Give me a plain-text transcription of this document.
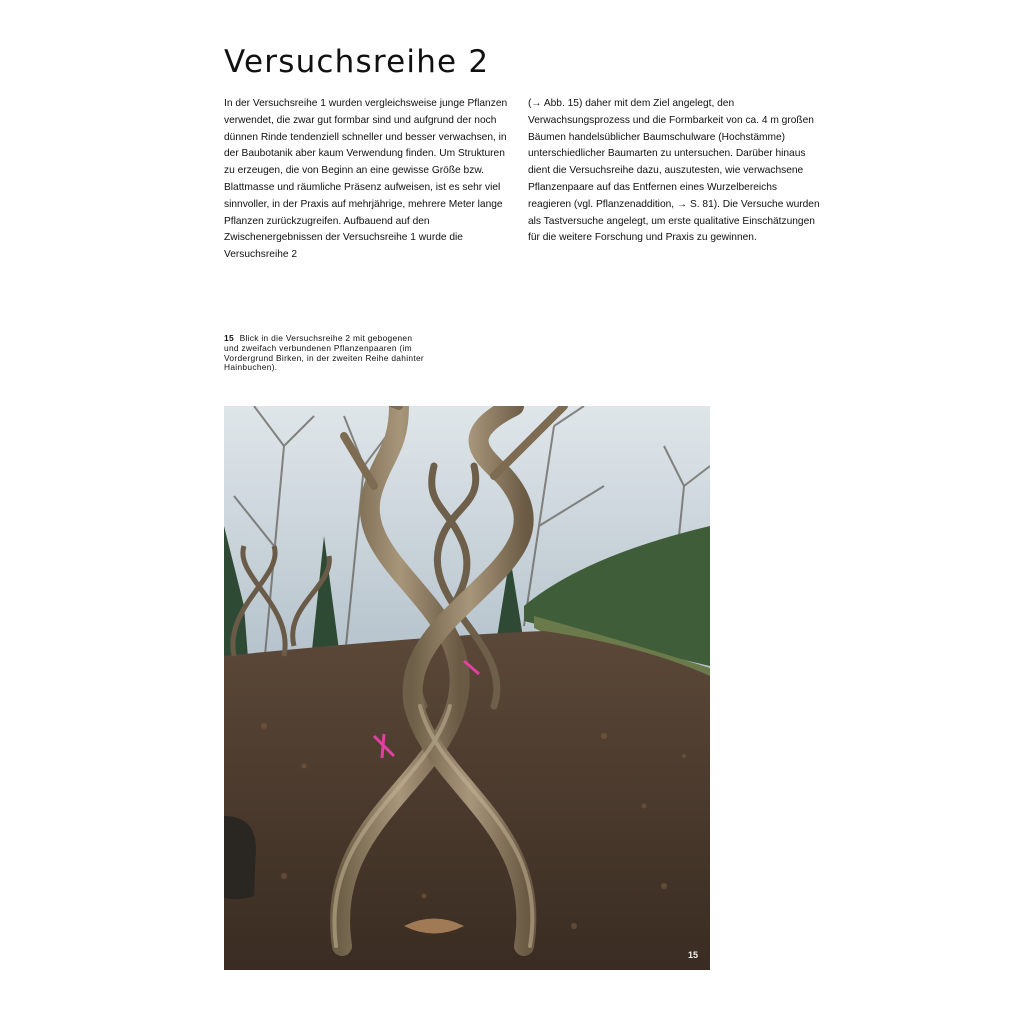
Versuchsreihe 2

In der Versuchsreihe 1 wurden vergleichsweise junge Pflanzen verwendet, die zwar gut formbar sind und aufgrund der noch dünnen Rinde tendenziell schneller und besser verwachsen, in der Baubotanik aber kaum Verwendung finden. Um Strukturen zu erzeugen, die von Beginn an eine gewisse Größe bzw. Blattmasse und räumliche Präsenz aufweisen, ist es sehr viel sinnvoller, in der Praxis auf mehrjährige, mehrere Meter lange Pflanzen zurückzugreifen. Aufbauend auf den Zwischenergebnissen der Versuchsreihe 1 wurde die Versuchsreihe 2

(→ Abb. 15) daher mit dem Ziel angelegt, den Verwachsungsprozess und die Formbarkeit von ca. 4 m großen Bäumen handelsüblicher Baumschulware (Hochstämme) unterschiedlicher Baumarten zu untersuchen. Darüber hinaus dient die Versuchsreihe dazu, auszutesten, wie verwachsene Pflanzenpaare auf das Entfernen eines Wurzelbereichs reagieren (vgl. Pflanzenaddition, → S. 81). Die Versuche wurden als Tastversuche angelegt, um erste qualitative Einschätzungen für die weitere Forschung und Praxis zu gewinnen.

15 Blick in die Versuchsreihe 2 mit gebogenen und zweifach verbundenen Pflanzenpaaren (im Vordergrund Birken, in der zweiten Reihe dahinter Hainbuchen).
15
